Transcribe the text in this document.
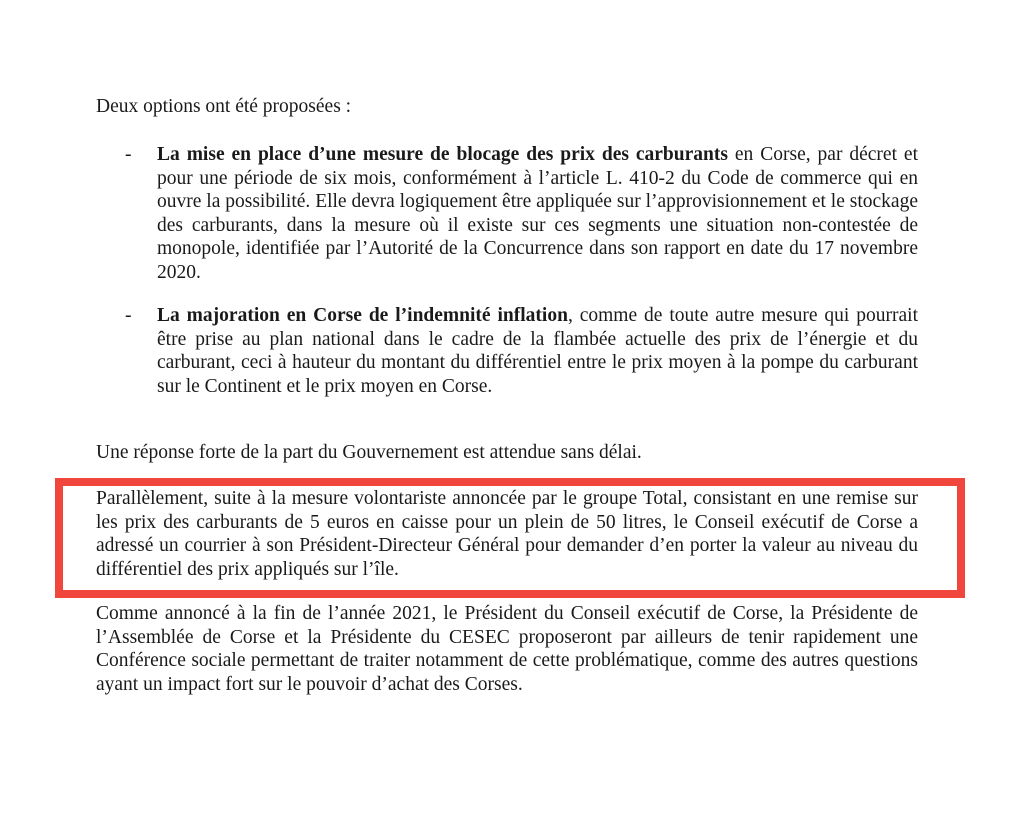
Deux options ont été proposées :

- La mise en place d’une mesure de blocage des prix des carburants en Corse, par décret et pour une période de six mois, conformément à l’article L. 410-2 du Code de commerce qui en ouvre la possibilité. Elle devra logiquement être appliquée sur l’approvisionnement et le stockage des carburants, dans la mesure où il existe sur ces segments une situation non-contestée de monopole, identifiée par l’Autorité de la Concurrence dans son rapport en date du 17 novembre 2020.

- La majoration en Corse de l’indemnité inflation, comme de toute autre mesure qui pourrait être prise au plan national dans le cadre de la flambée actuelle des prix de l’énergie et du carburant, ceci à hauteur du montant du différentiel entre le prix moyen à la pompe du carburant sur le Continent et le prix moyen en Corse.

Une réponse forte de la part du Gouvernement est attendue sans délai.

Parallèlement, suite à la mesure volontariste annoncée par le groupe Total, consistant en une remise sur les prix des carburants de 5 euros en caisse pour un plein de 50 litres, le Conseil exécutif de Corse a adressé un courrier à son Président-Directeur Général pour demander d’en porter la valeur au niveau du différentiel des prix appliqués sur l’île.

Comme annoncé à la fin de l’année 2021, le Président du Conseil exécutif de Corse, la Présidente de l’Assemblée de Corse et la Présidente du CESEC proposeront par ailleurs de tenir rapidement une Conférence sociale permettant de traiter notamment de cette problématique, comme des autres questions ayant un impact fort sur le pouvoir d’achat des Corses.
